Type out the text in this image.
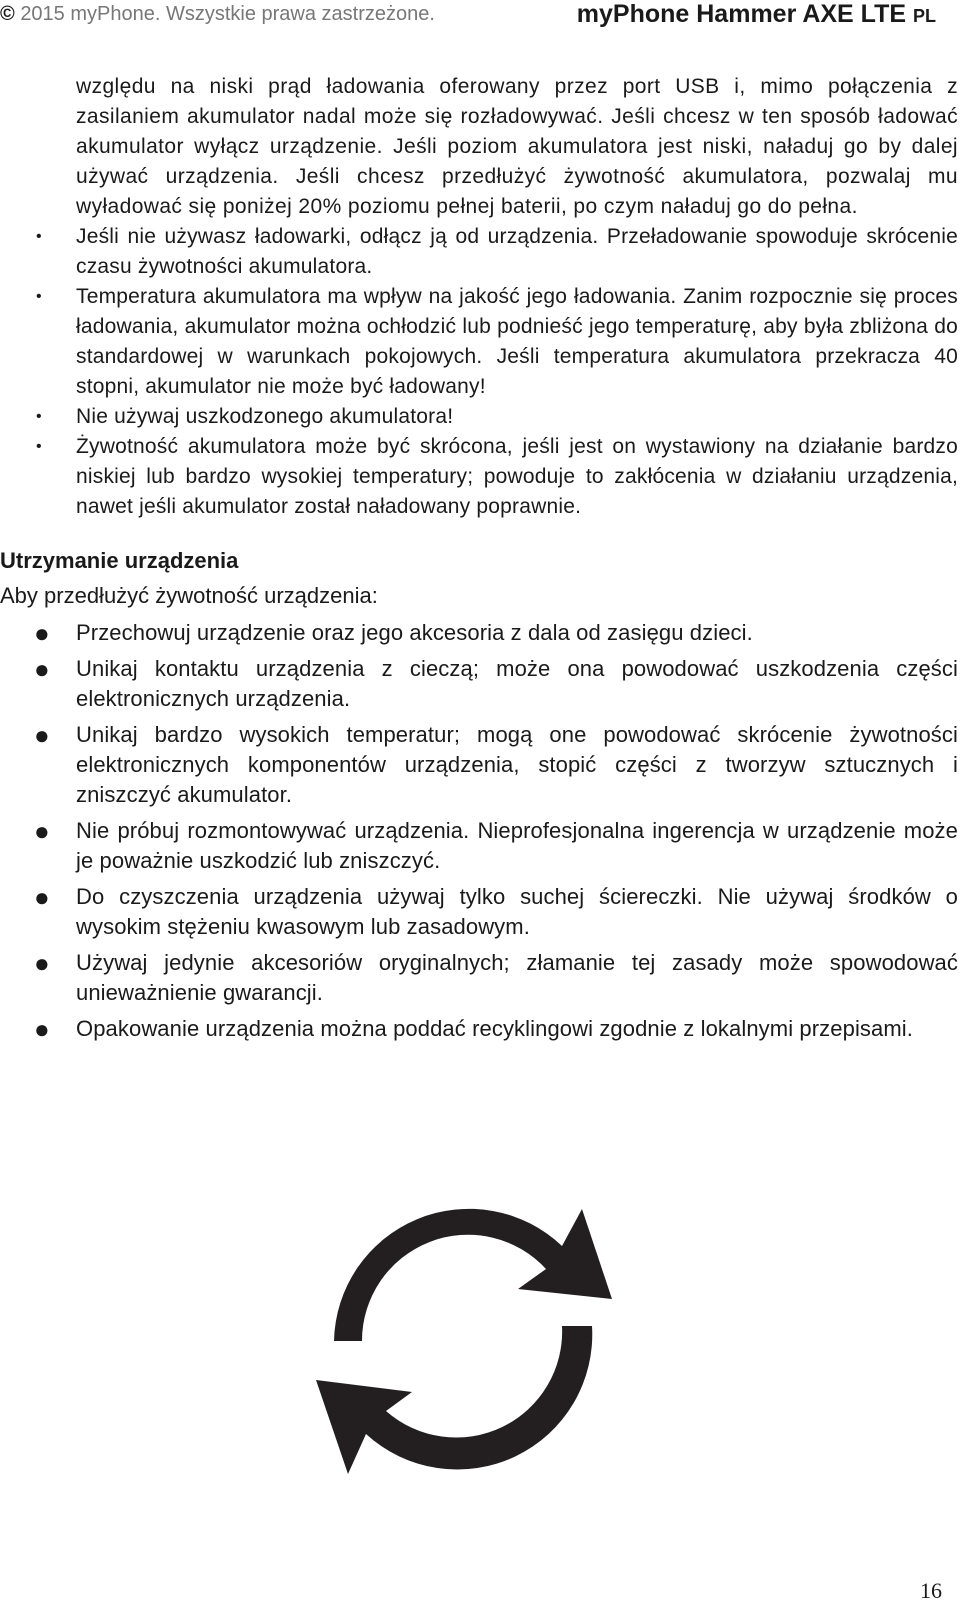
© 2015 myPhone. Wszystkie prawa zastrzeżone.	myPhone Hammer AXE LTE PL
względu na niski prąd ładowania oferowany przez port USB i, mimo połączenia z zasilaniem akumulator nadal może się rozładowywać. Jeśli chcesz w ten sposób ładować akumulator wyłącz urządzenie. Jeśli poziom akumulatora jest niski, naładuj go by dalej używać urządzenia. Jeśli chcesz przedłużyć żywotność akumulatora, pozwalaj mu wyładować się poniżej 20% poziomu pełnej baterii, po czym naładuj go do pełna.
• Jeśli nie używasz ładowarki, odłącz ją od urządzenia. Przeładowanie spowoduje skrócenie czasu żywotności akumulatora.
• Temperatura akumulatora ma wpływ na jakość jego ładowania. Zanim rozpocznie się proces ładowania, akumulator można ochłodzić lub podnieść jego temperaturę, aby była zbliżona do standardowej w warunkach pokojowych. Jeśli temperatura akumulatora przekracza 40 stopni, akumulator nie może być ładowany!
• Nie używaj uszkodzonego akumulatora!
• Żywotność akumulatora może być skrócona, jeśli jest on wystawiony na działanie bardzo niskiej lub bardzo wysokiej temperatury; powoduje to zakłócenia w działaniu urządzenia, nawet jeśli akumulator został naładowany poprawnie.
Utrzymanie urządzenia
Aby przedłużyć żywotność urządzenia:
● Przechowuj urządzenie oraz jego akcesoria z dala od zasięgu dzieci.
● Unikaj kontaktu urządzenia z cieczą; może ona powodować uszkodzenia części elektronicznych urządzenia.
● Unikaj bardzo wysokich temperatur; mogą one powodować skrócenie żywotności elektronicznych komponentów urządzenia, stopić części z tworzyw sztucznych i zniszczyć akumulator.
● Nie próbuj rozmontowywać urządzenia. Nieprofesjonalna ingerencja w urządzenie może je poważnie uszkodzić lub zniszczyć.
● Do czyszczenia urządzenia używaj tylko suchej ściereczki. Nie używaj środków o wysokim stężeniu kwasowym lub zasadowym.
● Używaj jedynie akcesoriów oryginalnych; złamanie tej zasady może spowodować unieważnienie gwarancji.
● Opakowanie urządzenia można poddać recyklingowi zgodnie z lokalnymi przepisami.
16
